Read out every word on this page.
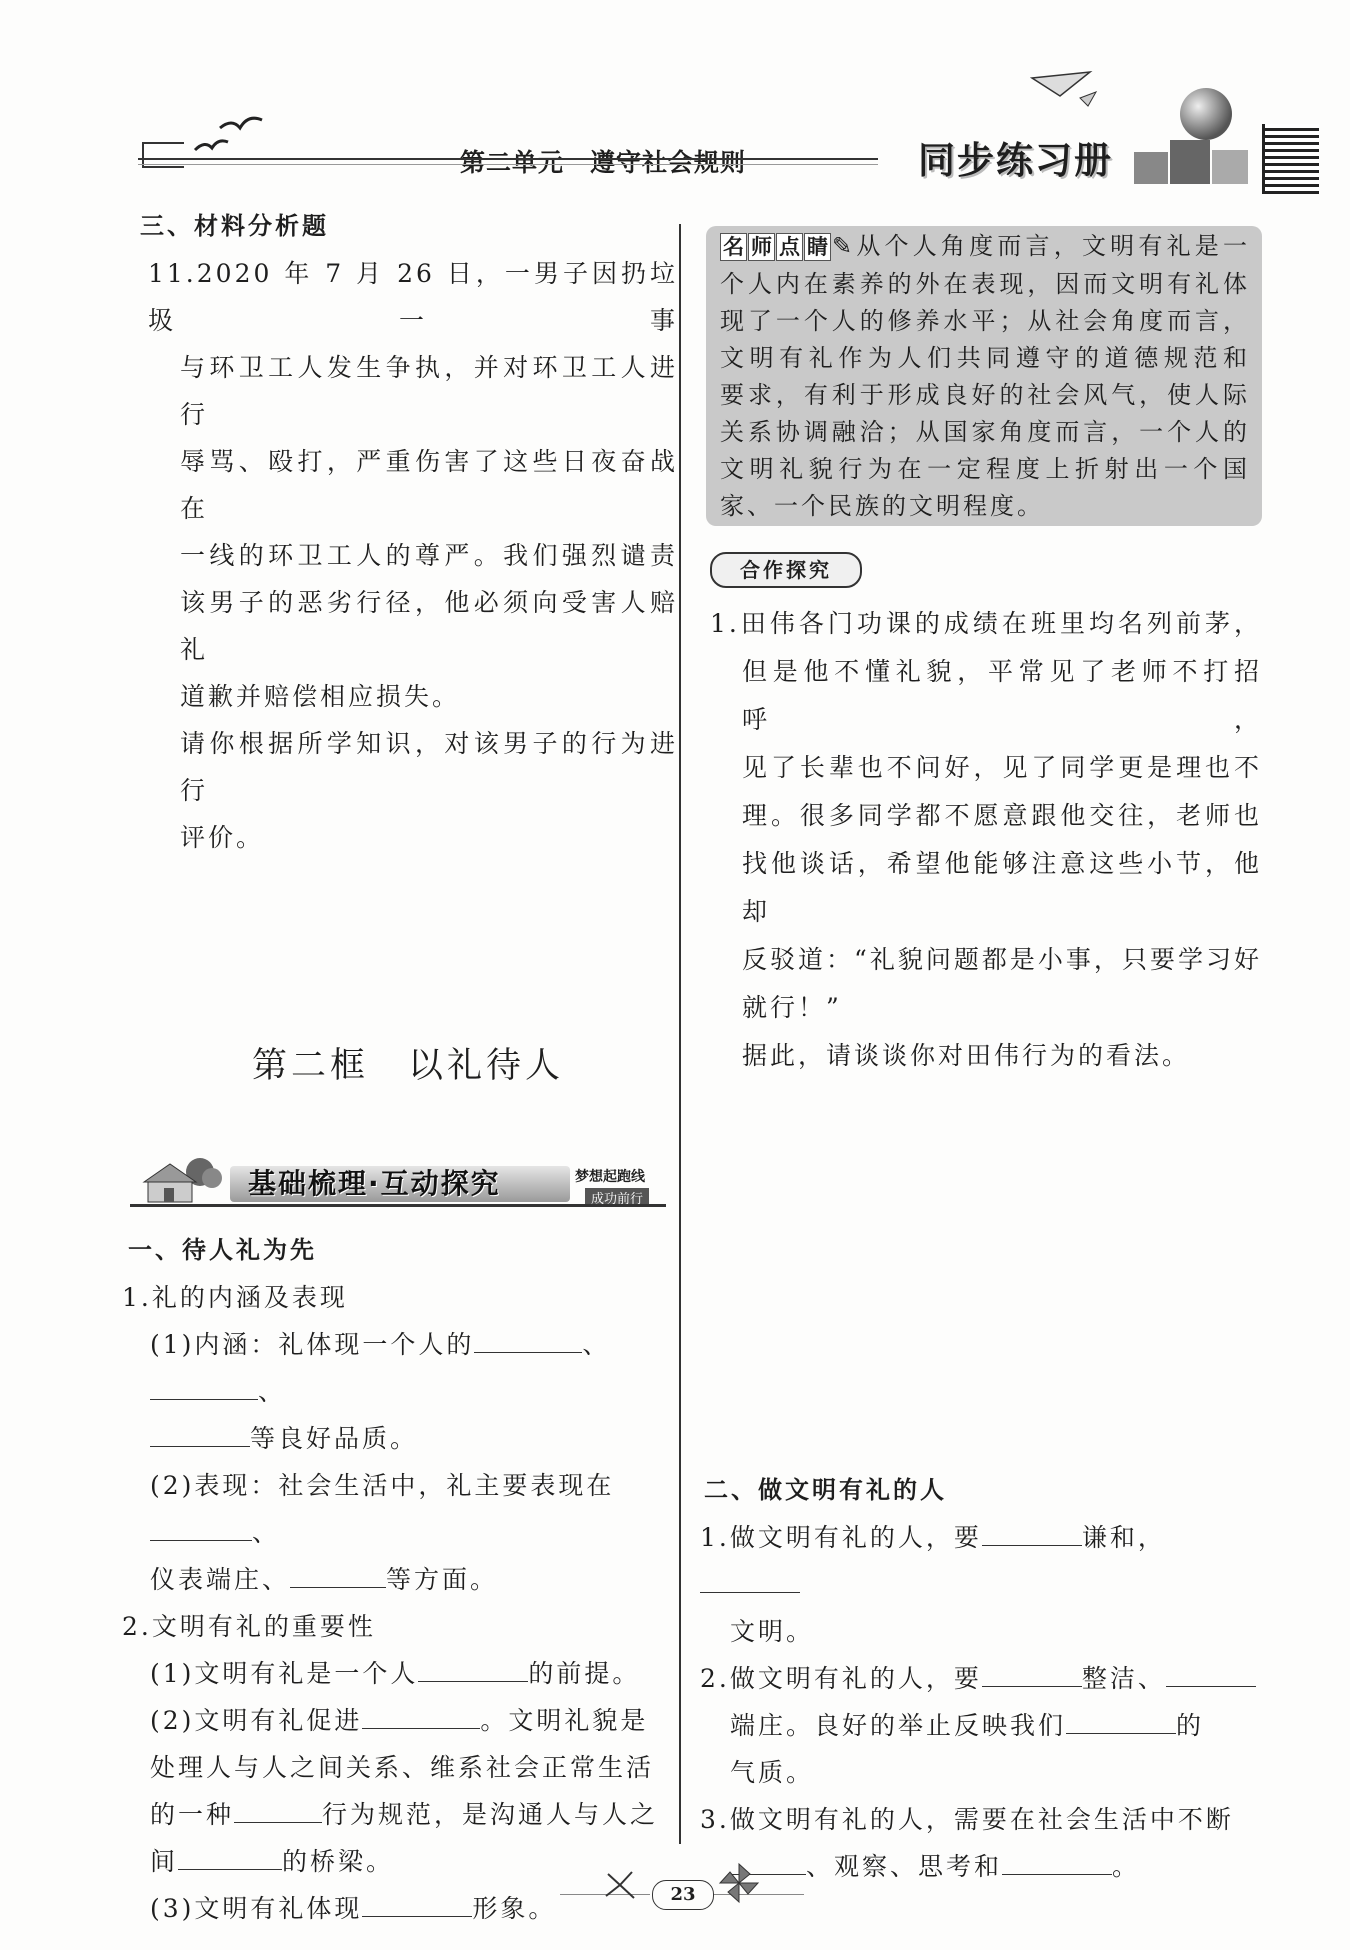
第二单元　遵守社会规则	同步练习册
三、材料分析题
11.2020 年 7 月 26 日，一男子因扔垃圾一事
与环卫工人发生争执，并对环卫工人进行
辱骂、殴打，严重伤害了这些日夜奋战在
一线的环卫工人的尊严。我们强烈谴责
该男子的恶劣行径，他必须向受害人赔礼
道歉并赔偿相应损失。
请你根据所学知识，对该男子的行为进行
评价。
第二框　以礼待人
基础梳理·互动探究	梦想起跑线
成功前行
一、待人礼为先
1.礼的内涵及表现
(1)内涵：礼体现一个人的	、、
等良好品质。
(2)表现：社会生活中，礼主要表现在、
仪表端庄、	等方面。
2.文明有礼的重要性
(1)文明有礼是一个人	的前提。
(2)文明有礼促进	。文明礼貌是
处理人与人之间关系、维系社会正常生活
的一种	行为规范，是沟通人与人之
间	的桥梁。
(3)文明有礼体现	形象。
名 师 点 睛 ✎从个人角度而言，文明有礼是一
个人内在素养的外在表现，因而文明有礼体
现了一个人的修养水平；从社会角度而言，
文明有礼作为人们共同遵守的道德规范和
要求，有利于形成良好的社会风气，使人际
关系协调融洽；从国家角度而言，一个人的
文明礼貌行为在一定程度上折射出一个国
家、一个民族的文明程度。
合作探究
1.田伟各门功课的成绩在班里均名列前茅，
但是他不懂礼貌，平常见了老师不打招呼，
见了长辈也不问好，见了同学更是理也不
理。很多同学都不愿意跟他交往，老师也
找他谈话，希望他能够注意这些小节，他却
反驳道：“礼貌问题都是小事，只要学习好
就行！”
据此，请谈谈你对田伟行为的看法。
二、做文明有礼的人
1.做文明有礼的人，要	谦和，
文明。
2.做文明有礼的人，要	整洁、
端庄。良好的举止反映我们	的
气质。
3.做文明有礼的人，需要在社会生活中不断
、观察、思考和	。
23
